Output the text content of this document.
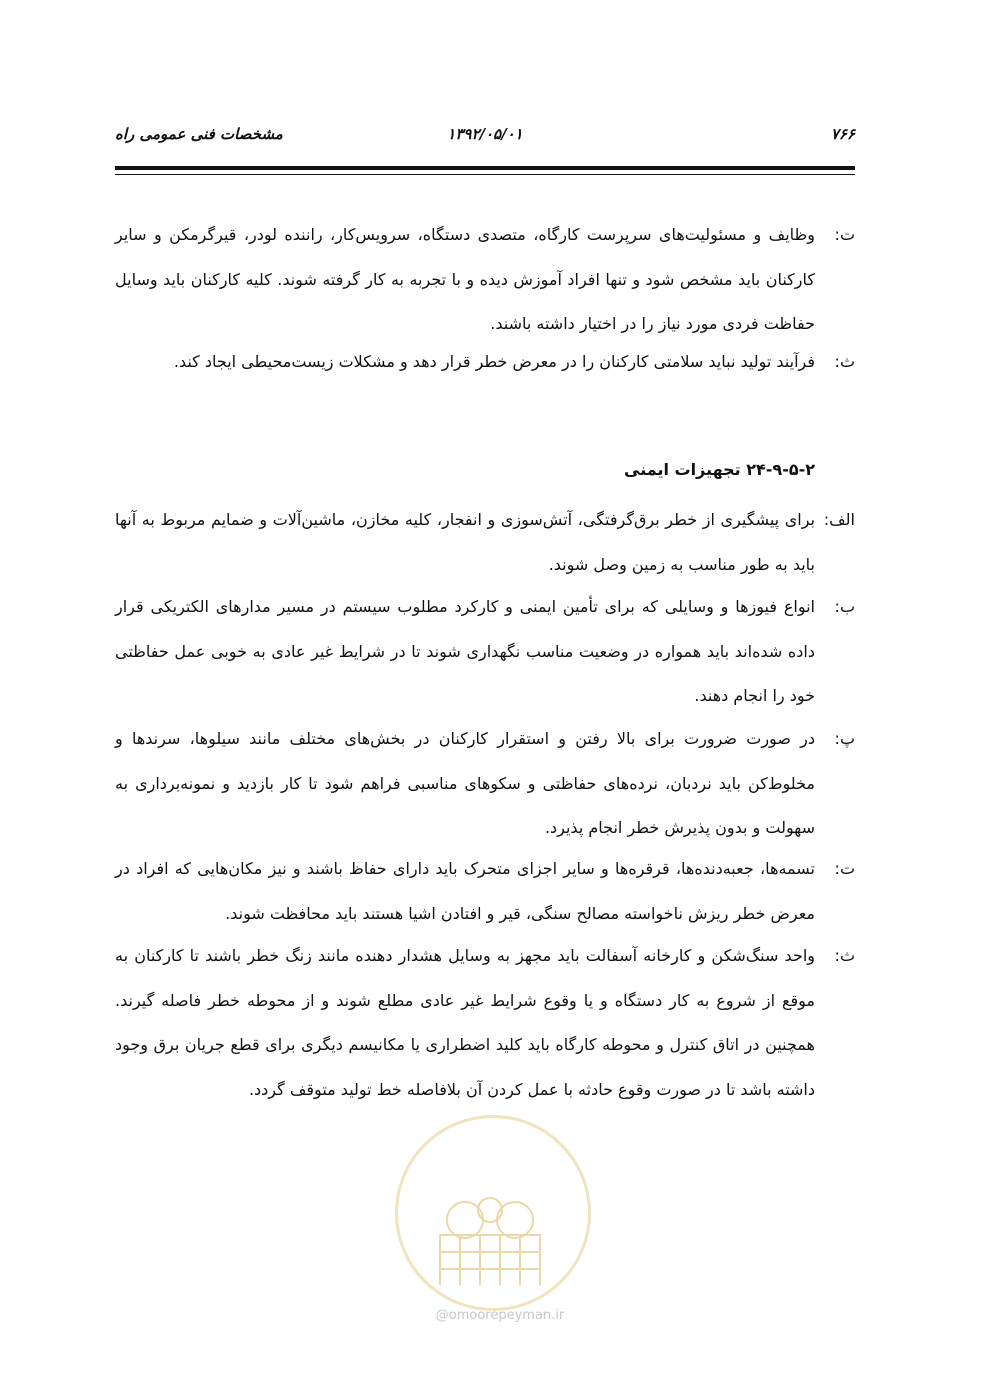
۷۶۶
۱۳۹۲/۰۵/۰۱
مشخصات فنی عمومی راه
ت:
وظایف و مسئولیت‌های سرپرست کارگاه، متصدی دستگاه، سرویس‌کار، راننده لودر، قیرگرمکن و سایر کارکنان باید مشخص شود و تنها افراد آموزش دیده و با تجربه به کار گرفته شوند. کلیه کارکنان باید وسایل حفاظت فردی مورد نیاز را در اختیار داشته باشند.
ث:
فرآیند تولید نباید سلامتی کارکنان را در معرض خطر قرار دهد و مشکلات زیست‌محیطی ایجاد کند.
۲۴-۹-۵-۲ تجهیزات ایمنی
الف:
برای پیشگیری از خطر برق‌گرفتگی، آتش‌سوزی و انفجار، کلیه مخازن، ماشین‌آلات و ضمایم مربوط به آنها باید به طور مناسب به زمین وصل شوند.
ب:
انواع فیوزها و وسایلی که برای تأمین ایمنی و کارکرد مطلوب سیستم در مسیر مدارهای الکتریکی قرار داده شده‌اند باید همواره در وضعیت مناسب نگهداری شوند تا در شرایط غیر عادی به خوبی عمل حفاظتی خود را انجام دهند.
پ:
در صورت ضرورت برای بالا رفتن و استقرار کارکنان در بخش‌های مختلف مانند سیلوها، سرندها و مخلوط‌کن باید نردبان، نرده‌های حفاظتی و سکوهای مناسبی فراهم شود تا کار بازدید و نمونه‌برداری به سهولت و بدون پذیرش خطر انجام پذیرد.
ت:
تسمه‌ها، جعبه‌دنده‌ها، قرقره‌ها و سایر اجزای متحرک باید دارای حفاظ باشند و نیز مکان‌هایی که افراد در معرض خطر ریزش ناخواسته مصالح سنگی، قیر و افتادن اشیا هستند باید محافظت شوند.
ث:
واحد سنگ‌شکن و کارخانه آسفالت باید مجهز به وسایل هشدار دهنده مانند زنگ خطر باشند تا کارکنان به موقع از شروع به کار دستگاه و یا وقوع شرایط غیر عادی مطلع شوند و از محوطه خطر فاصله گیرند. همچنین در اتاق کنترل و محوطه کارگاه باید کلید اضطراری یا مکانیسم دیگری برای قطع جریان برق وجود داشته باشد تا در صورت وقوع حادثه با عمل کردن آن بلافاصله خط تولید متوقف گردد.
@omoorepeyman.ir
